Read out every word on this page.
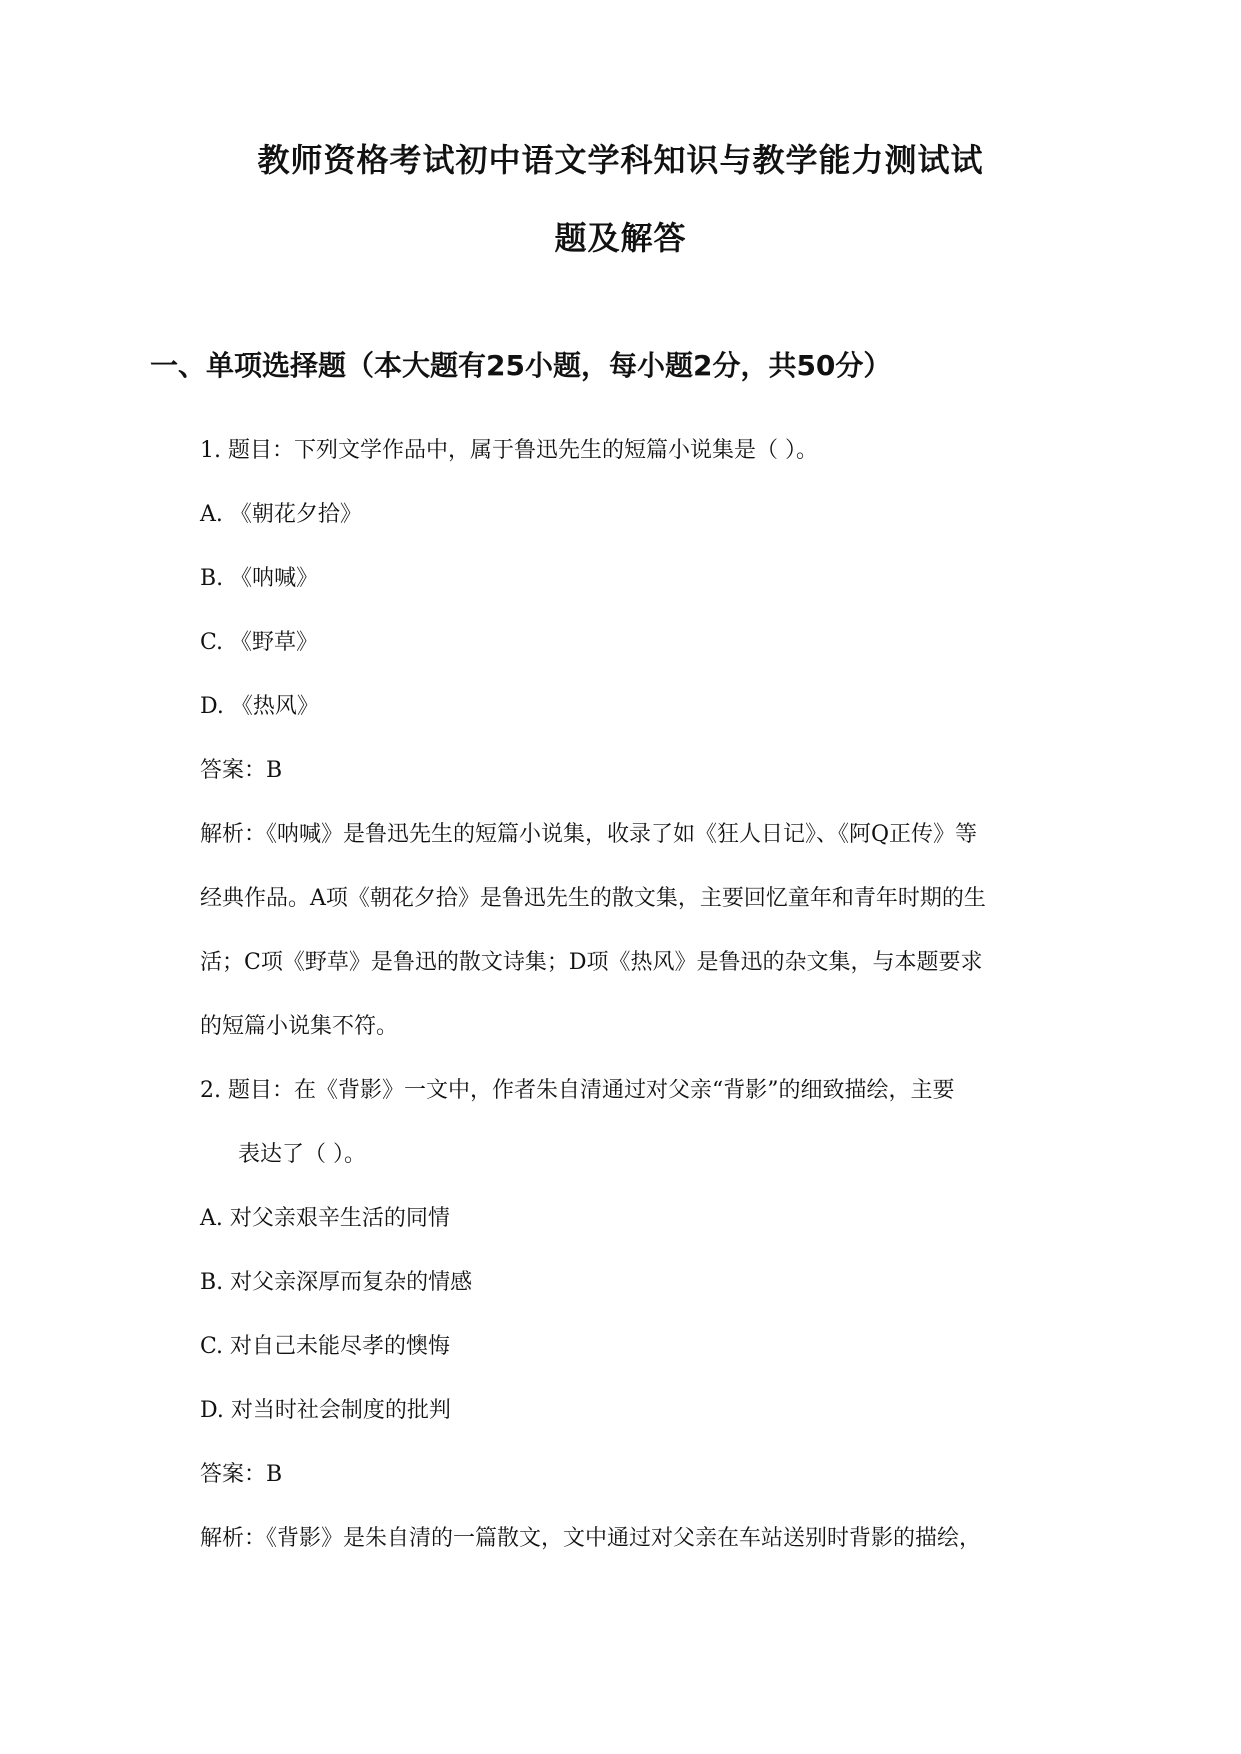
教师资格考试初中语文学科知识与教学能力测试试
题及解答
一、单项选择题（本大题有25小题，每小题2分，共50分）
1. 题目：下列文学作品中，属于鲁迅先生的短篇小说集是（ ）。
A. 《朝花夕拾》
B. 《呐喊》
C. 《野草》
D. 《热风》
答案：B
解析：《呐喊》是鲁迅先生的短篇小说集，收录了如《狂人日记》、《阿Q正传》等
经典作品。A项《朝花夕拾》是鲁迅先生的散文集，主要回忆童年和青年时期的生
活；C项《野草》是鲁迅的散文诗集；D项《热风》是鲁迅的杂文集，与本题要求
的短篇小说集不符。
2. 题目：在《背影》一文中，作者朱自清通过对父亲“背影”的细致描绘，主要
表达了（ ）。
A. 对父亲艰辛生活的同情
B. 对父亲深厚而复杂的情感
C. 对自己未能尽孝的懊悔
D. 对当时社会制度的批判
答案：B
解析：《背影》是朱自清的一篇散文，文中通过对父亲在车站送别时背影的描绘，
